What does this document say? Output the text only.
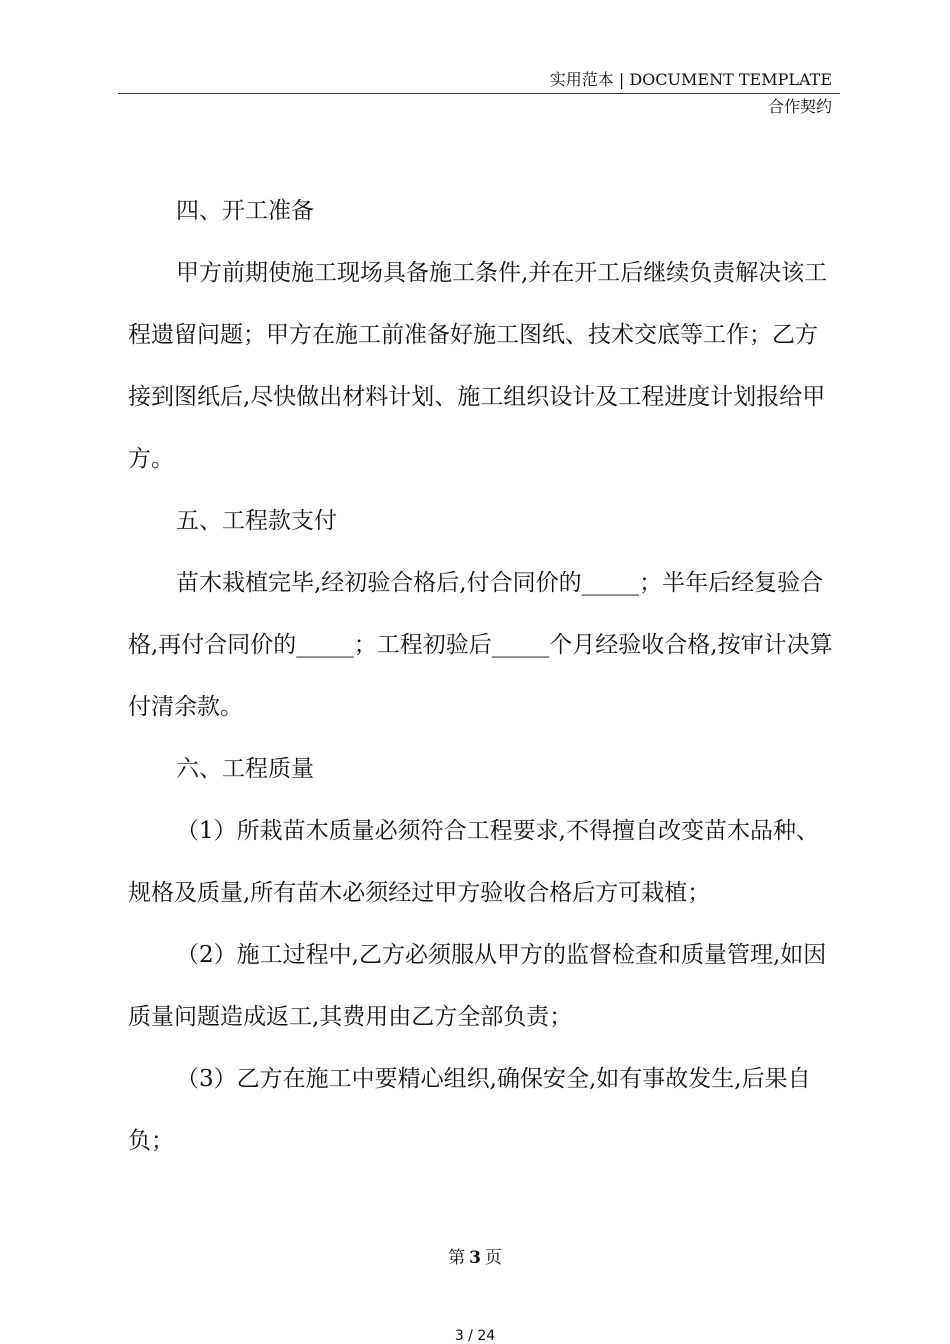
实用范本 | DOCUMENT TEMPLATE
合作契约

四、开工准备

甲方前期使施工现场具备施工条件,并在开工后继续负责解决该工程遗留问题；甲方在施工前准备好施工图纸、技术交底等工作；乙方接到图纸后,尽快做出材料计划、施工组织设计及工程进度计划报给甲方。

五、工程款支付

苗木栽植完毕,经初验合格后,付合同价的_____；半年后经复验合格,再付合同价的_____；工程初验后_____个月经验收合格,按审计决算付清余款。

六、工程质量

（1）所栽苗木质量必须符合工程要求,不得擅自改变苗木品种、规格及质量,所有苗木必须经过甲方验收合格后方可栽植；

（2）施工过程中,乙方必须服从甲方的监督检查和质量管理,如因质量问题造成返工,其费用由乙方全部负责；

（3）乙方在施工中要精心组织,确保安全,如有事故发生,后果自负；

第 3 页
3 / 24
